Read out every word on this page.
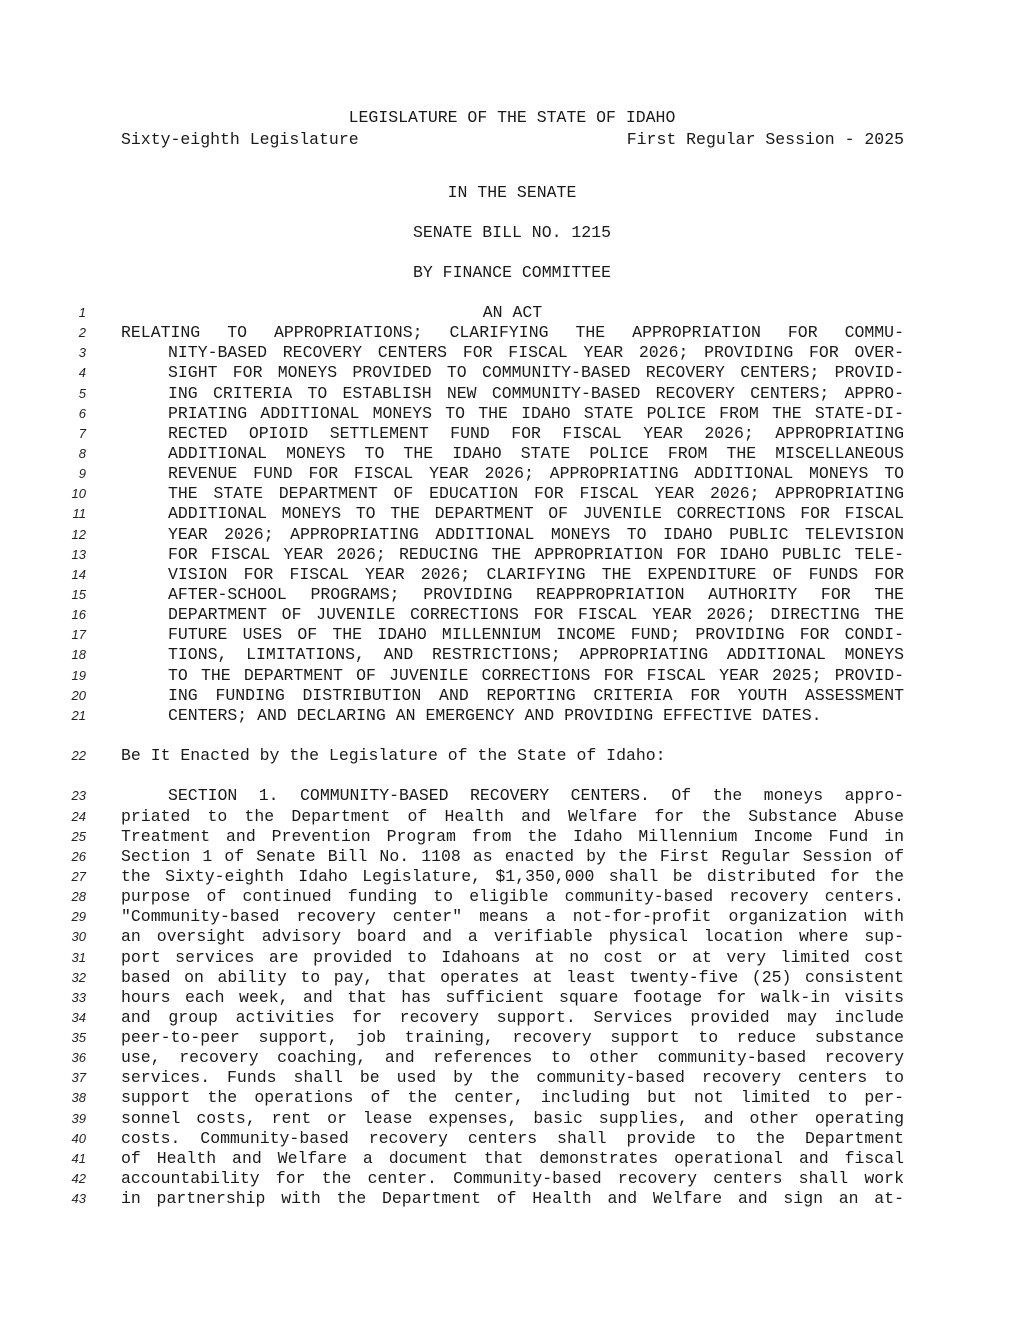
LEGISLATURE OF THE STATE OF IDAHO
Sixty-eighth Legislature	First Regular Session - 2025
IN THE SENATE
SENATE BILL NO. 1215
BY FINANCE COMMITTEE
1	AN ACT
2 RELATING TO APPROPRIATIONS; CLARIFYING THE APPROPRIATION FOR COMMU-
3	NITY-BASED RECOVERY CENTERS FOR FISCAL YEAR 2026; PROVIDING FOR OVER-
4	SIGHT FOR MONEYS PROVIDED TO COMMUNITY-BASED RECOVERY CENTERS; PROVID-
5	ING CRITERIA TO ESTABLISH NEW COMMUNITY-BASED RECOVERY CENTERS; APPRO-
6	PRIATING ADDITIONAL MONEYS TO THE IDAHO STATE POLICE FROM THE STATE-DI-
7	RECTED OPIOID SETTLEMENT FUND FOR FISCAL YEAR 2026; APPROPRIATING
8	ADDITIONAL MONEYS TO THE IDAHO STATE POLICE FROM THE MISCELLANEOUS
9	REVENUE FUND FOR FISCAL YEAR 2026; APPROPRIATING ADDITIONAL MONEYS TO
10	THE STATE DEPARTMENT OF EDUCATION FOR FISCAL YEAR 2026; APPROPRIATING
11	ADDITIONAL MONEYS TO THE DEPARTMENT OF JUVENILE CORRECTIONS FOR FISCAL
12	YEAR 2026; APPROPRIATING ADDITIONAL MONEYS TO IDAHO PUBLIC TELEVISION
13	FOR FISCAL YEAR 2026; REDUCING THE APPROPRIATION FOR IDAHO PUBLIC TELE-
14	VISION FOR FISCAL YEAR 2026; CLARIFYING THE EXPENDITURE OF FUNDS FOR
15	AFTER-SCHOOL PROGRAMS; PROVIDING REAPPROPRIATION AUTHORITY FOR THE
16	DEPARTMENT OF JUVENILE CORRECTIONS FOR FISCAL YEAR 2026; DIRECTING THE
17	FUTURE USES OF THE IDAHO MILLENNIUM INCOME FUND; PROVIDING FOR CONDI-
18	TIONS, LIMITATIONS, AND RESTRICTIONS; APPROPRIATING ADDITIONAL MONEYS
19	TO THE DEPARTMENT OF JUVENILE CORRECTIONS FOR FISCAL YEAR 2025; PROVID-
20	ING FUNDING DISTRIBUTION AND REPORTING CRITERIA FOR YOUTH ASSESSMENT
21	CENTERS; AND DECLARING AN EMERGENCY AND PROVIDING EFFECTIVE DATES.
22 Be It Enacted by the Legislature of the State of Idaho:
23	SECTION 1. COMMUNITY-BASED RECOVERY CENTERS. Of the moneys appro-
24 priated to the Department of Health and Welfare for the Substance Abuse
25 Treatment and Prevention Program from the Idaho Millennium Income Fund in
26 Section 1 of Senate Bill No. 1108 as enacted by the First Regular Session of
27 the Sixty-eighth Idaho Legislature, $1,350,000 shall be distributed for the
28 purpose of continued funding to eligible community-based recovery centers.
29 "Community-based recovery center" means a not-for-profit organization with
30 an oversight advisory board and a verifiable physical location where sup-
31 port services are provided to Idahoans at no cost or at very limited cost
32 based on ability to pay, that operates at least twenty-five (25) consistent
33 hours each week, and that has sufficient square footage for walk-in visits
34 and group activities for recovery support. Services provided may include
35 peer-to-peer support, job training, recovery support to reduce substance
36 use, recovery coaching, and references to other community-based recovery
37 services. Funds shall be used by the community-based recovery centers to
38 support the operations of the center, including but not limited to per-
39 sonnel costs, rent or lease expenses, basic supplies, and other operating
40 costs. Community-based recovery centers shall provide to the Department
41 of Health and Welfare a document that demonstrates operational and fiscal
42 accountability for the center. Community-based recovery centers shall work
43 in partnership with the Department of Health and Welfare and sign an at-
